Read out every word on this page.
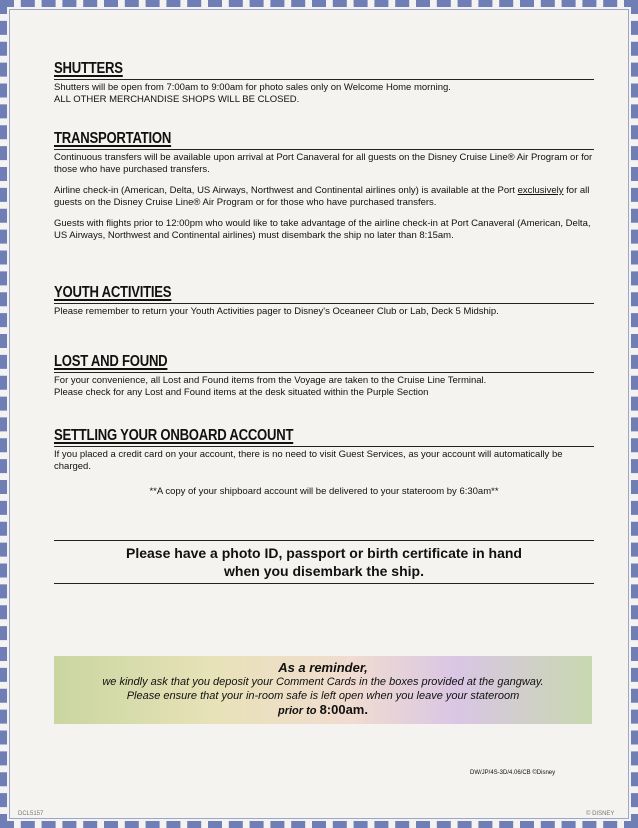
SHUTTERS

Shutters will be open from 7:00am to 9:00am for photo sales only on Welcome Home morning.
ALL OTHER MERCHANDISE SHOPS WILL BE CLOSED.

TRANSPORTATION

Continuous transfers will be available upon arrival at Port Canaveral for all guests on the Disney Cruise Line® Air Program or for those who have purchased transfers.

Airline check-in (American, Delta, US Airways, Northwest and Continental airlines only) is available at the Port exclusively for all guests on the Disney Cruise Line® Air Program or for those who have purchased transfers.

Guests with flights prior to 12:00pm who would like to take advantage of the airline check-in at Port Canaveral (American, Delta, US Airways, Northwest and Continental airlines) must disembark the ship no later than 8:15am.

YOUTH ACTIVITIES

Please remember to return your Youth Activities pager to Disney's Oceaneer Club or Lab, Deck 5 Midship.

LOST AND FOUND

For your convenience, all Lost and Found items from the Voyage are taken to the Cruise Line Terminal.
Please check for any Lost and Found items at the desk situated within the Purple Section

SETTLING YOUR ONBOARD ACCOUNT

If you placed a credit card on your account, there is no need to visit Guest Services, as your account will automatically be charged.

**A copy of your shipboard account will be delivered to your stateroom by 6:30am**

Please have a photo ID, passport or birth certificate in hand
when you disembark the ship.
As a reminder,
we kindly ask that you deposit your Comment Cards in the boxes provided at the gangway.
Please ensure that your in-room safe is left open when you leave your stateroom
prior to 8:00am.
DW/JP/4S-3D/4.06/CB ©Disney
DCL5157	© DISNEY
